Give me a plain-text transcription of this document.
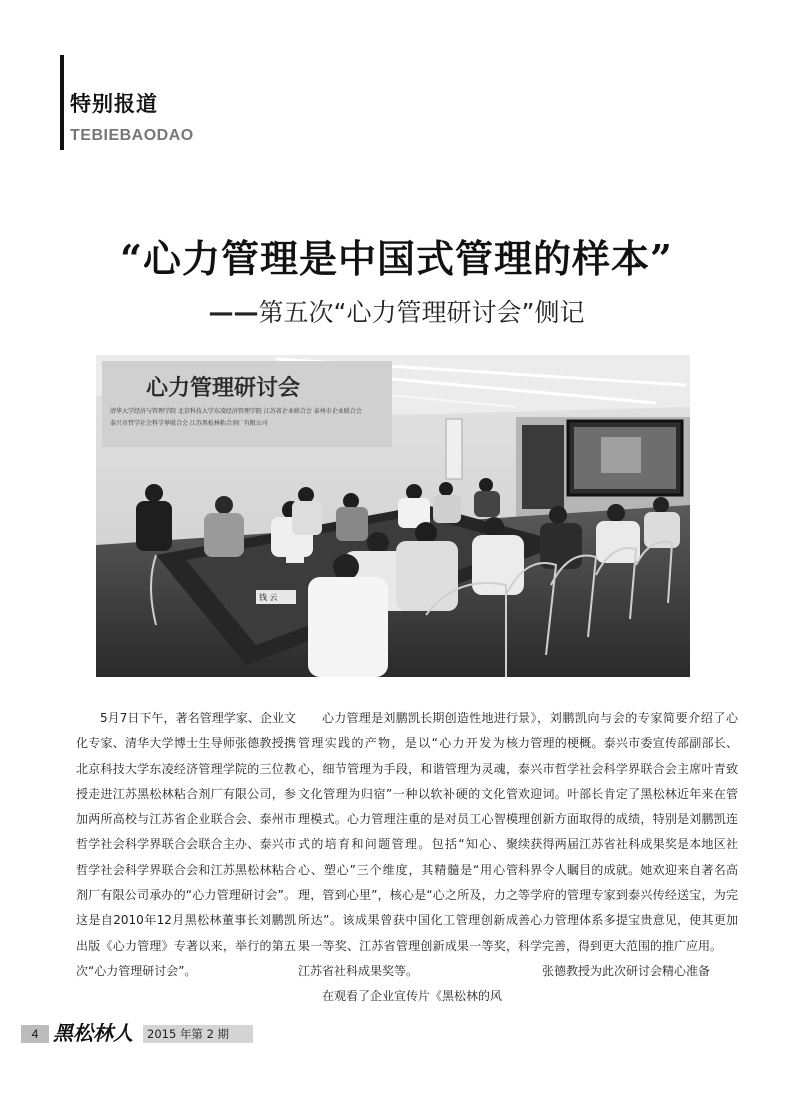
特别报道
TEBIEBAODAO
“心力管理是中国式管理的样本”
——第五次“心力管理研讨会”侧记
心力管理研讨会
清华大学经济与管理学院 北京科技大学东凌经济管理学院 江苏省企业联合会 泰州市企业联合会
泰兴市哲学社会科学界联合会 江苏黑松林粘合剂厂有限公司
钱 云

5月7日下午，著名管理学家、企业文化专家、清华大学博士生导师张德教授携北京科技大学东凌经济管理学院的三位教授走进江苏黑松林粘合剂厂有限公司，参加两所高校与江苏省企业联合会、泰州市哲学社会科学界联合会联合主办、泰兴市哲学社会科学界联合会和江苏黑松林粘合剂厂有限公司承办的“心力管理研讨会”。这是自2010年12月黑松林董事长刘鹏凯出版《心力管理》专著以来，举行的第五次“心力管理研讨会”。

心力管理是刘鹏凯长期创造性地进行管理实践的产物，是以“心力开发为核心，细节管理为手段，和谐管理为灵魂，文化管理为归宿”一种以软补硬的文化管理模式。心力管理注重的是对员工心智模式的培育和问题管理。包括“知心、聚心、塑心”三个维度，其精髓是“用心管理，管到心里”，核心是“心之所及，力之所达”。该成果曾获中国化工管理创新成果一等奖、江苏省管理创新成果一等奖，江苏省社科成果奖等。

在观看了企业宣传片《黑松林的风

景》，刘鹏凯向与会的专家简要介绍了心力管理的梗概。泰兴市委宣传部副部长、泰兴市哲学社会科学界联合会主席叶青致欢迎词。叶部长肯定了黑松林近年来在管理创新方面取得的成绩，特别是刘鹏凯连续获得两届江苏省社科成果奖是本地区社科界令人瞩目的成就。她欢迎来自著名高等学府的管理专家到泰兴传经送宝，为完善心力管理体系多提宝贵意见，使其更加科学完善，得到更大范围的推广应用。

张德教授为此次研讨会精心准备

4 黑松林人 2015 年第 2 期
